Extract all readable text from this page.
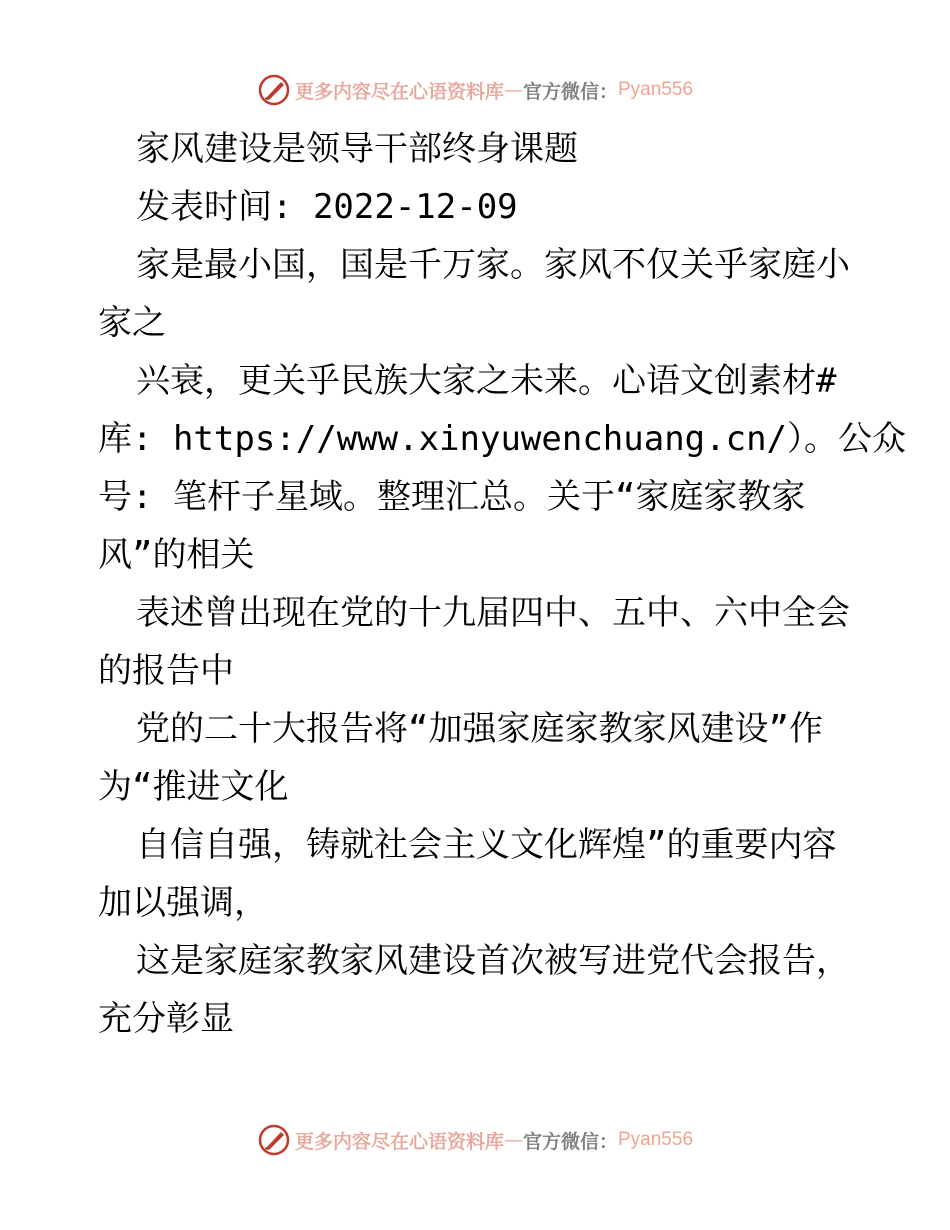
更多内容尽在心语资料库 — 官方微信： Pyan556
家风建设是领导干部终身课题
发表时间: 2022-12-09
家是最小国，国是千万家。家风不仅关乎家庭小
家之
兴衰，更关乎民族大家之未来。心语文创素材#
库: https://www.xinyuwenchuang.cn/）。公众
号: 笔杆子星域。整理汇总。关于“家庭家教家
风”的相关
表述曾出现在党的十九届四中、五中、六中全会
的报告中
党的二十大报告将“加强家庭家教家风建设”作
为“推进文化
自信自强，铸就社会主义文化辉煌”的重要内容
加以强调，
这是家庭家教家风建设首次被写进党代会报告，
充分彰显
更多内容尽在心语资料库 — 官方微信： Pyan556
